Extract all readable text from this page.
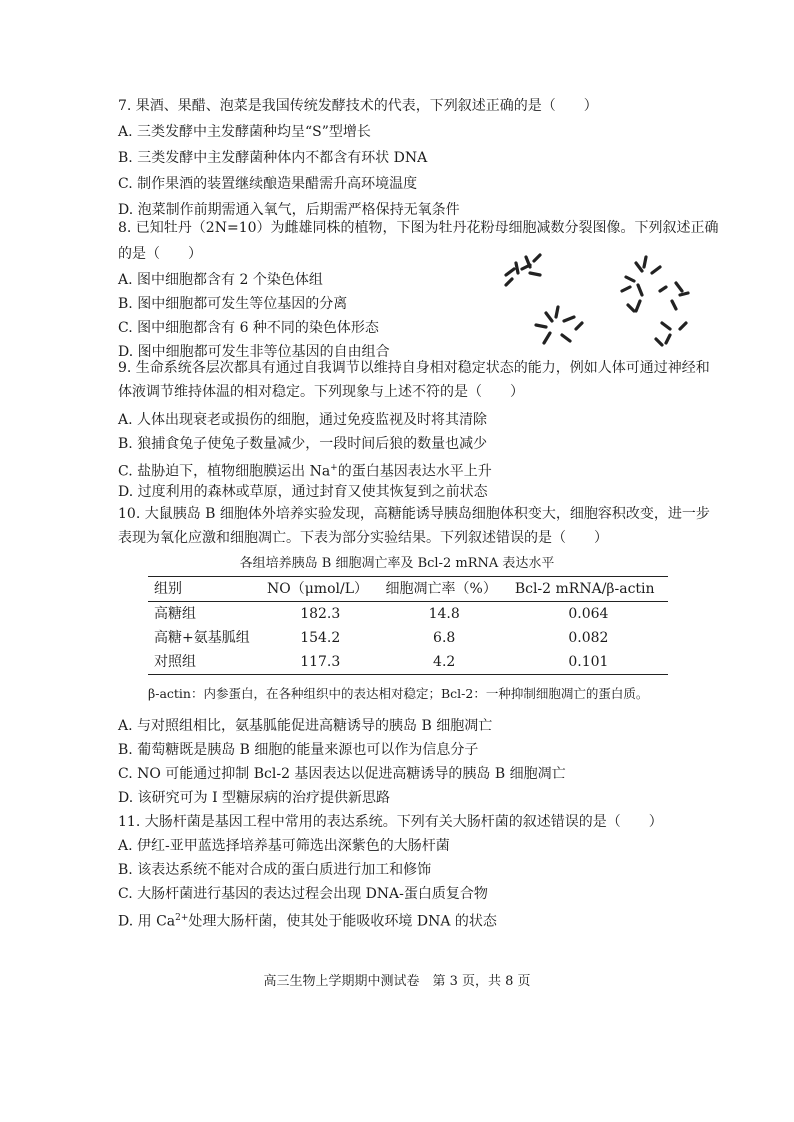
7. 果酒、果醋、泡菜是我国传统发酵技术的代表，下列叙述正确的是（　　）
A. 三类发酵中主发酵菌种均呈“S”型增长
B. 三类发酵中主发酵菌种体内不都含有环状 DNA
C. 制作果酒的装置继续酿造果醋需升高环境温度
D. 泡菜制作前期需通入氧气，后期需严格保持无氧条件
8. 已知牡丹（2N=10）为雌雄同株的植物，下图为牡丹花粉母细胞减数分裂图像。下列叙述正确
的是（　　）
A. 图中细胞都含有 2 个染色体组
B. 图中细胞都可发生等位基因的分离
C. 图中细胞都含有 6 种不同的染色体形态
D. 图中细胞都可发生非等位基因的自由组合
9. 生命系统各层次都具有通过自我调节以维持自身相对稳定状态的能力，例如人体可通过神经和体液调节维持体温的相对稳定。下列现象与上述不符的是（　　）
A. 人体出现衰老或损伤的细胞，通过免疫监视及时将其清除
B. 狼捕食兔子使兔子数量减少，一段时间后狼的数量也减少
C. 盐胁迫下，植物细胞膜运出 Na+的蛋白基因表达水平上升
D. 过度利用的森林或草原，通过封育又使其恢复到之前状态
10. 大鼠胰岛 B 细胞体外培养实验发现，高糖能诱导胰岛细胞体积变大，细胞容积改变，进一步表现为氧化应激和细胞凋亡。下表为部分实验结果。下列叙述错误的是（　　）
各组培养胰岛 B 细胞凋亡率及 Bcl-2 mRNA 表达水平
组别	NO（μmol/L）	细胞凋亡率（%）	Bcl-2 mRNA/β-actin
高糖组	182.3	14.8	0.064
高糖+氨基胍组	154.2	6.8	0.082
对照组	117.3	4.2	0.101
β-actin：内参蛋白，在各种组织中的表达相对稳定；Bcl-2：一种抑制细胞凋亡的蛋白质。
A. 与对照组相比，氨基胍能促进高糖诱导的胰岛 B 细胞凋亡
B. 葡萄糖既是胰岛 B 细胞的能量来源也可以作为信息分子
C. NO 可能通过抑制 Bcl-2 基因表达以促进高糖诱导的胰岛 B 细胞凋亡
D. 该研究可为 I 型糖尿病的治疗提供新思路
11. 大肠杆菌是基因工程中常用的表达系统。下列有关大肠杆菌的叙述错误的是（　　）
A. 伊红-亚甲蓝选择培养基可筛选出深紫色的大肠杆菌
B. 该表达系统不能对合成的蛋白质进行加工和修饰
C. 大肠杆菌进行基因的表达过程会出现 DNA-蛋白质复合物
D. 用 $Ca^{2+}$处理大肠杆菌，使其处于能吸收环境 DNA 的状态
高三生物上学期期中测试卷　第 3 页，共 8 页
